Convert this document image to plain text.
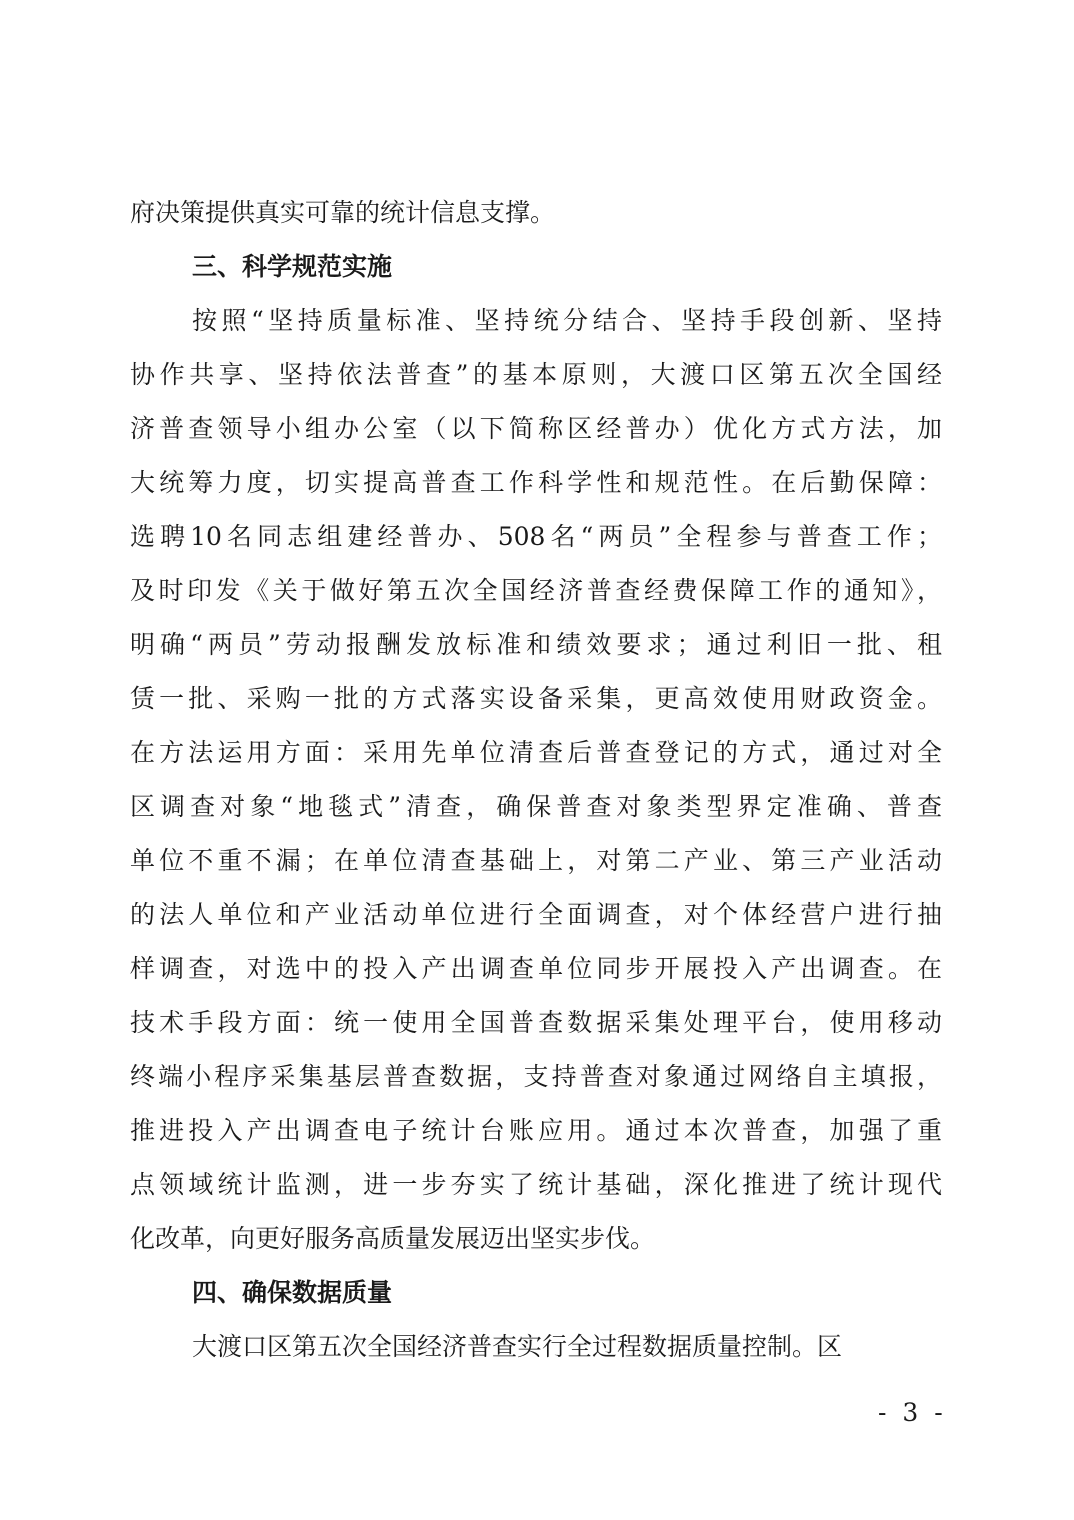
府决策提供真实可靠的统计信息支撑。
三、科学规范实施
按照“坚持质量标准、坚持统分结合、坚持手段创新、坚持
协作共享、坚持依法普查”的基本原则，大渡口区第五次全国经
济普查领导小组办公室（以下简称区经普办）优化方式方法，加
大统筹力度，切实提高普查工作科学性和规范性。在后勤保障：
选聘10名同志组建经普办、508名“两员”全程参与普查工作；
及时印发《关于做好第五次全国经济普查经费保障工作的通知》，
明确“两员”劳动报酬发放标准和绩效要求；通过利旧一批、租
赁一批、采购一批的方式落实设备采集，更高效使用财政资金。
在方法运用方面：采用先单位清查后普查登记的方式，通过对全
区调查对象“地毯式”清查，确保普查对象类型界定准确、普查
单位不重不漏；在单位清查基础上，对第二产业、第三产业活动
的法人单位和产业活动单位进行全面调查，对个体经营户进行抽
样调查，对选中的投入产出调查单位同步开展投入产出调查。在
技术手段方面：统一使用全国普查数据采集处理平台，使用移动
终端小程序采集基层普查数据，支持普查对象通过网络自主填报，
推进投入产出调查电子统计台账应用。通过本次普查，加强了重
点领域统计监测，进一步夯实了统计基础，深化推进了统计现代
化改革，向更好服务高质量发展迈出坚实步伐。
四、确保数据质量
大渡口区第五次全国经济普查实行全过程数据质量控制。区
- 3 -
